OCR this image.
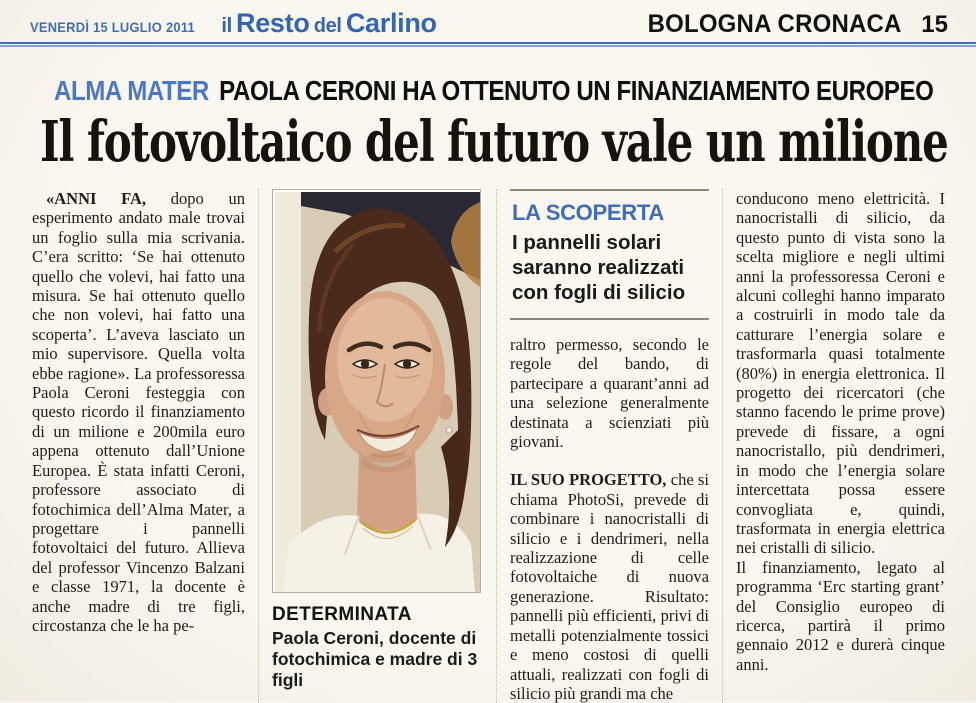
VENERDÌ 15 LUGLIO 2011 il Resto del Carlino	BOLOGNA CRONACA 15
ALMA MATER PAOLA CERONI HA OTTENUTO UN FINANZIAMENTO EUROPEO
Il fotovoltaico del futuro vale un milione

«ANNI FA, dopo un esperimento andato male trovai un foglio sulla mia scrivania. C’era scritto: ‘Se hai ottenuto quello che volevi, hai fatto una misura. Se hai ottenuto quello che non volevi, hai fatto una scoperta’. L’aveva lasciato un mio supervisore. Quella volta ebbe ragione». La professoressa Paola Ceroni festeggia con questo ricordo il finanziamento di un milione e 200mila euro appena ottenuto dall’Unione Europea. È stata infatti Ceroni, professore associato di fotochimica dell’Alma Mater, a progettare i pannelli fotovoltaici del futuro. Allieva del professor Vincenzo Balzani e classe 1971, la docente è anche madre di tre figli, circostanza che le ha pe-

DETERMINATA
Paola Ceroni, docente di fotochimica e madre di 3 figli
LA SCOPERTA
I pannelli solari saranno realizzati con fogli di silicio

raltro permesso, secondo le regole del bando, di partecipare a quarant’anni ad una selezione generalmente destinata a scienziati più giovani.

IL SUO PROGETTO, che si chiama PhotoSi, prevede di combinare i nanocristalli di silicio e i dendrimeri, nella realizzazione di celle fotovoltaiche di nuova generazione. Risultato: pannelli più efficienti, privi di metalli potenzialmente tossici e meno costosi di quelli attuali, realizzati con fogli di silicio più grandi ma che

conducono meno elettricità. I nanocristalli di silicio, da questo punto di vista sono la scelta migliore e negli ultimi anni la professoressa Ceroni e alcuni colleghi hanno imparato a costruirli in modo tale da catturare l’energia solare e trasformarla quasi totalmente (80%) in energia elettronica. Il progetto dei ricercatori (che stanno facendo le prime prove) prevede di fissare, a ogni nanocristallo, più dendrimeri, in modo che l’energia solare intercettata possa essere convogliata e, quindi, trasformata in energia elettrica nei cristalli di silicio.

Il finanziamento, legato al programma ‘Erc starting grant’ del Consiglio europeo di ricerca, partirà il primo gennaio 2012 e durerà cinque anni.
